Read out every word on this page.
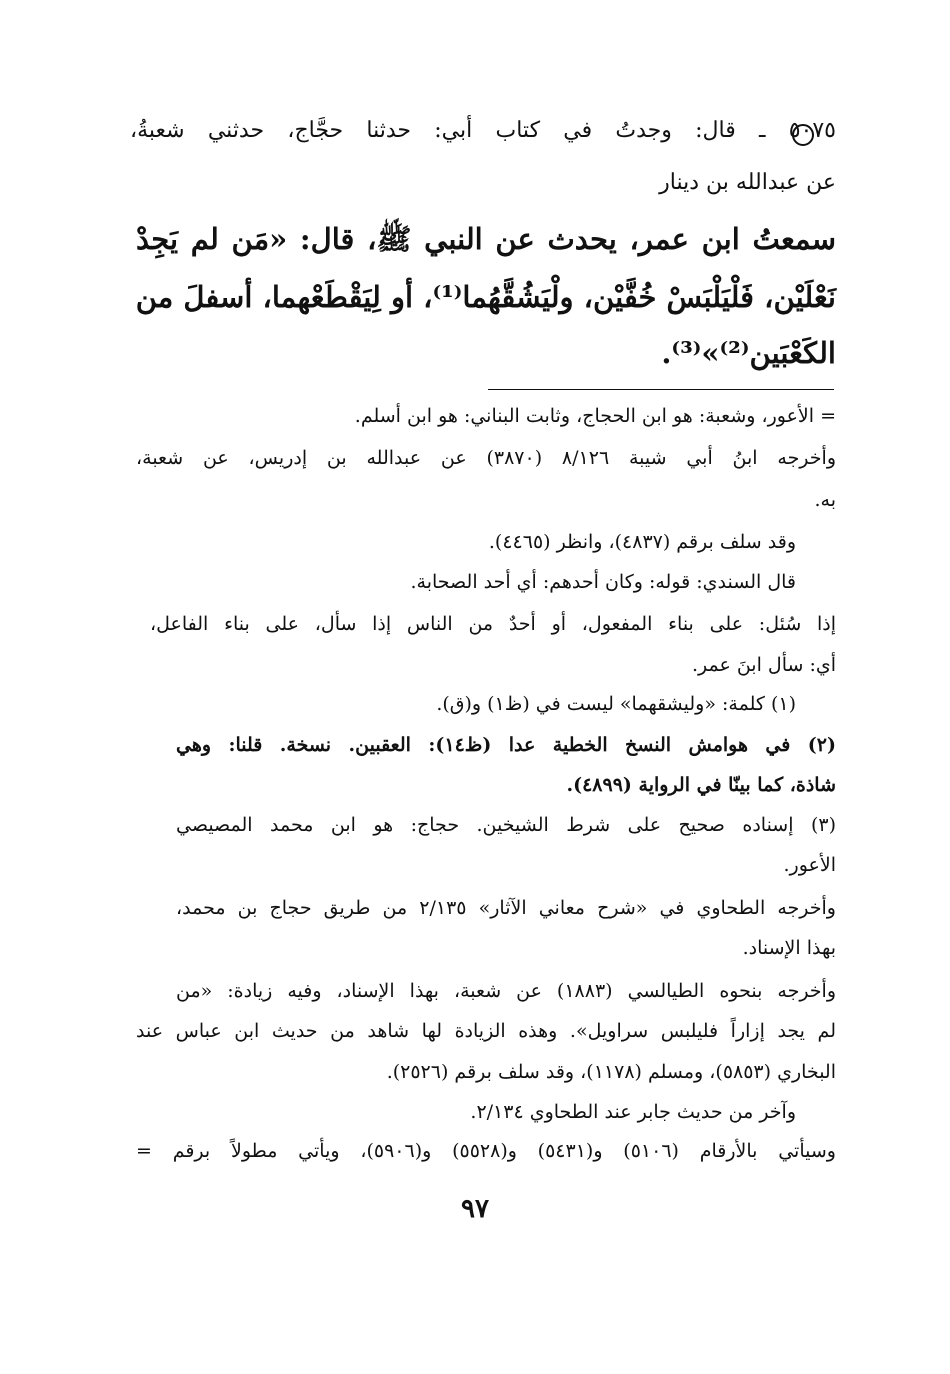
٥٠٧٥ ـ قال: وجدتُ في كتاب أبي: حدثنا حجَّاج، حدثني شعبةُ،

عن عبدالله بن دينار

سمعتُ ابن عمر، يحدث عن النبي ﷺ، قال: «مَن لم يَجِدْ

نَعْلَيْن، فَلْيَلْبَسْ خُفَّيْن، ولْيَشُقَّهُما⁽¹⁾، أو لِيَقْطَعْهما، أسفلَ من

الكَعْبَين⁽²⁾»⁽³⁾.

= الأعور، وشعبة: هو ابن الحجاج، وثابت البناني: هو ابن أسلم.

وأخرجه ابنُ أبي شيبة ٨/١٢٦ (٣٨٧٠) عن عبدالله بن إدريس، عن شعبة،

به.

وقد سلف برقم (٤٨٣٧)، وانظر (٤٤٦٥).

قال السندي: قوله: وكان أحدهم: أي أحد الصحابة.

إذا سُئل: على بناء المفعول، أو أحدٌ من الناس إذا سأل، على بناء الفاعل،

أي: سأل ابنَ عمر.

(١) كلمة: «وليشقهما» ليست في (ظ١) و(ق).

(٢) في هوامش النسخ الخطية عدا (ظ١٤): العقبين. نسخة. قلنا: وهي

شاذة، كما بينّا في الرواية (٤٨٩٩).

(٣) إسناده صحيح على شرط الشيخين. حجاج: هو ابن محمد المصيصي

الأعور.

وأخرجه الطحاوي في «شرح معاني الآثار» ٢/١٣٥ من طريق حجاج بن محمد،

بهذا الإسناد.

وأخرجه بنحوه الطيالسي (١٨٨٣) عن شعبة، بهذا الإسناد، وفيه زيادة: «من

لم يجد إزاراً فليلبس سراويل». وهذه الزيادة لها شاهد من حديث ابن عباس عند

البخاري (٥٨٥٣)، ومسلم (١١٧٨)، وقد سلف برقم (٢٥٢٦).

وآخر من حديث جابر عند الطحاوي ٢/١٣٤.

وسيأتي بالأرقام (٥١٠٦) و(٥٤٣١) و(٥٥٢٨) و(٥٩٠٦)، ويأتي مطولاً برقم =

٩٧
